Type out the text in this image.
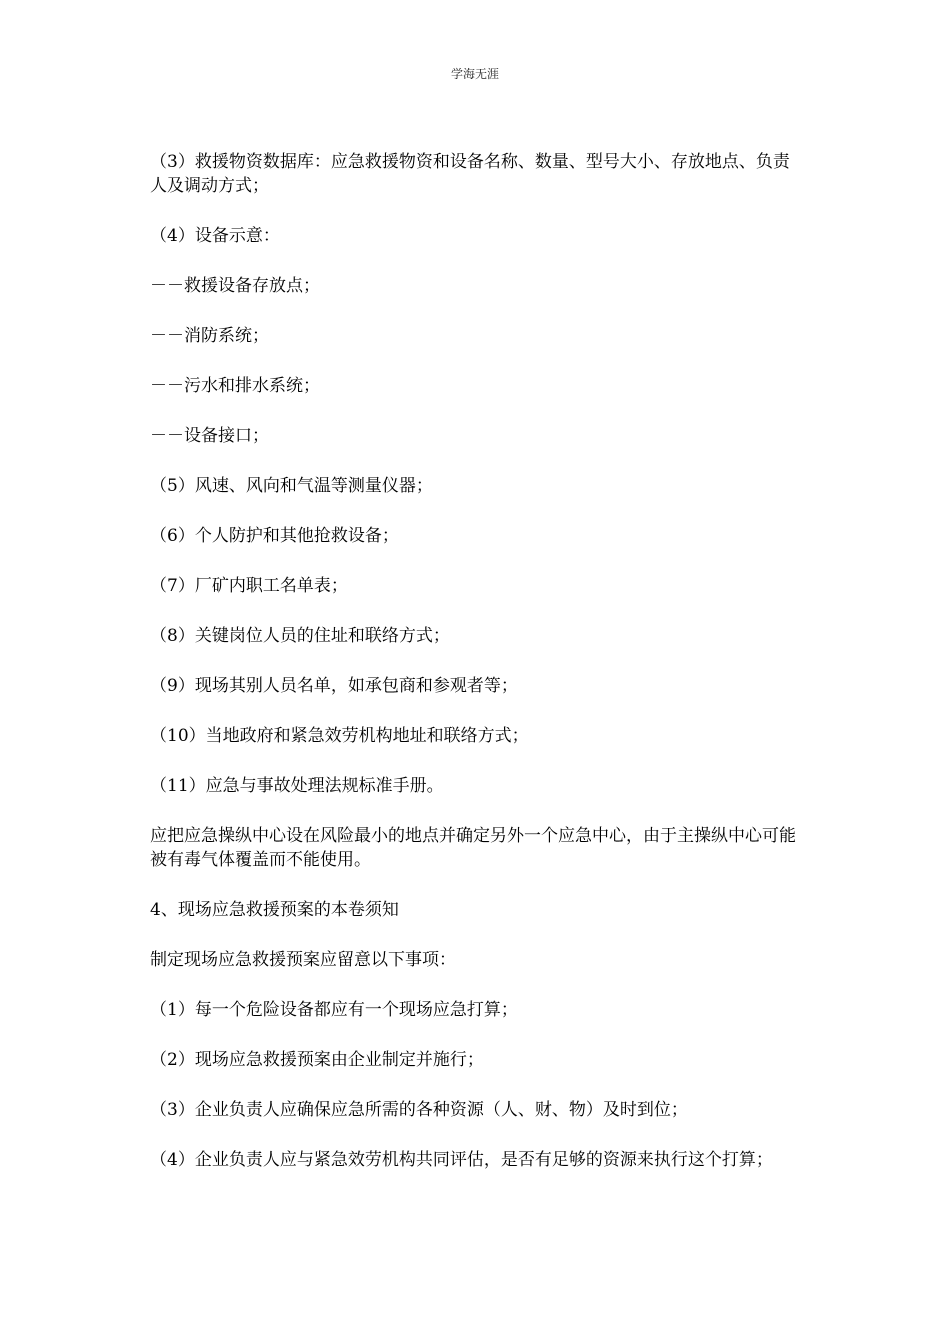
学海无涯

（3）救援物资数据库：应急救援物资和设备名称、数量、型号大小、存放地点、负责人及调动方式；

（4）设备示意：

－－救援设备存放点；

－－消防系统；

－－污水和排水系统；

－－设备接口；

（5）风速、风向和气温等测量仪器；

（6）个人防护和其他抢救设备；

（7）厂矿内职工名单表；

（8）关键岗位人员的住址和联络方式；

（9）现场其别人员名单，如承包商和参观者等；

（10）当地政府和紧急效劳机构地址和联络方式；

（11）应急与事故处理法规标准手册。

应把应急操纵中心设在风险最小的地点并确定另外一个应急中心，由于主操纵中心可能被有毒气体覆盖而不能使用。

4、现场应急救援预案的本卷须知

制定现场应急救援预案应留意以下事项：

（1）每一个危险设备都应有一个现场应急打算；

（2）现场应急救援预案由企业制定并施行；

（3）企业负责人应确保应急所需的各种资源（人、财、物）及时到位；

（4）企业负责人应与紧急效劳机构共同评估，是否有足够的资源来执行这个打算；
